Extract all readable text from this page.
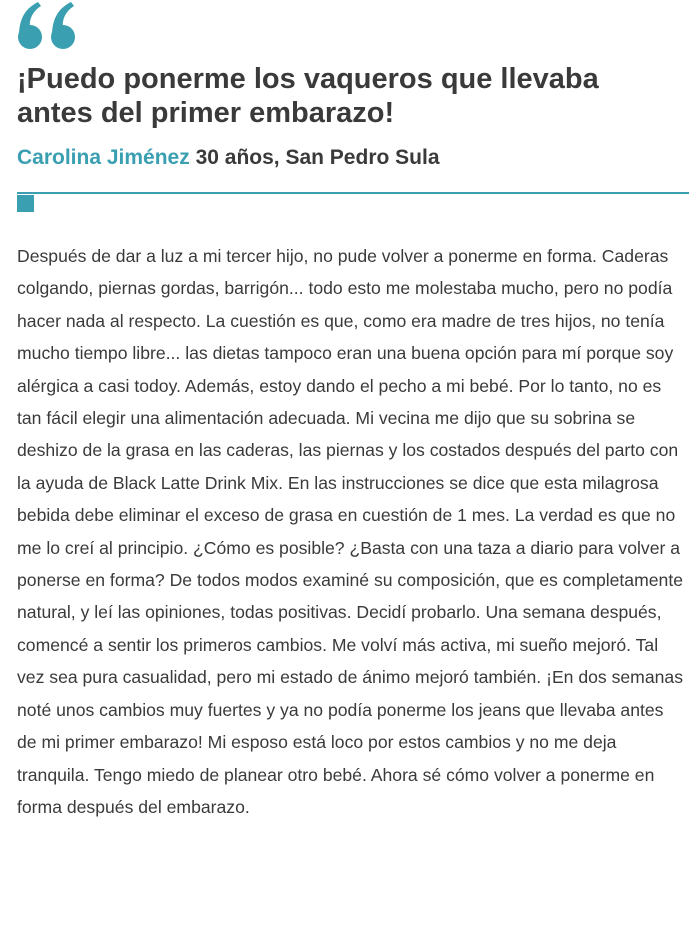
¡Puedo ponerme los vaqueros que llevaba antes del primer embarazo!
Carolina Jiménez 30 años, San Pedro Sula

Después de dar a luz a mi tercer hijo, no pude volver a ponerme en forma. Caderas colgando, piernas gordas, barrigón... todo esto me molestaba mucho, pero no podía hacer nada al respecto. La cuestión es que, como era madre de tres hijos, no tenía mucho tiempo libre... las dietas tampoco eran una buena opción para mí porque soy alérgica a casi todoy. Además, estoy dando el pecho a mi bebé. Por lo tanto, no es tan fácil elegir una alimentación adecuada. Mi vecina me dijo que su sobrina se deshizo de la grasa en las caderas, las piernas y los costados después del parto con la ayuda de Black Latte Drink Mix. En las instrucciones se dice que esta milagrosa bebida debe eliminar el exceso de grasa en cuestión de 1 mes. La verdad es que no me lo creí al principio. ¿Cómo es posible? ¿Basta con una taza a diario para volver a ponerse en forma? De todos modos examiné su composición, que es completamente natural, y leí las opiniones, todas positivas. Decidí probarlo. Una semana después, comencé a sentir los primeros cambios. Me volví más activa, mi sueño mejoró. Tal vez sea pura casualidad, pero mi estado de ánimo mejoró también. ¡En dos semanas noté unos cambios muy fuertes y ya no podía ponerme los jeans que llevaba antes de mi primer embarazo! Mi esposo está loco por estos cambios y no me deja tranquila. Tengo miedo de planear otro bebé. Ahora sé cómo volver a ponerme en forma después del embarazo.
